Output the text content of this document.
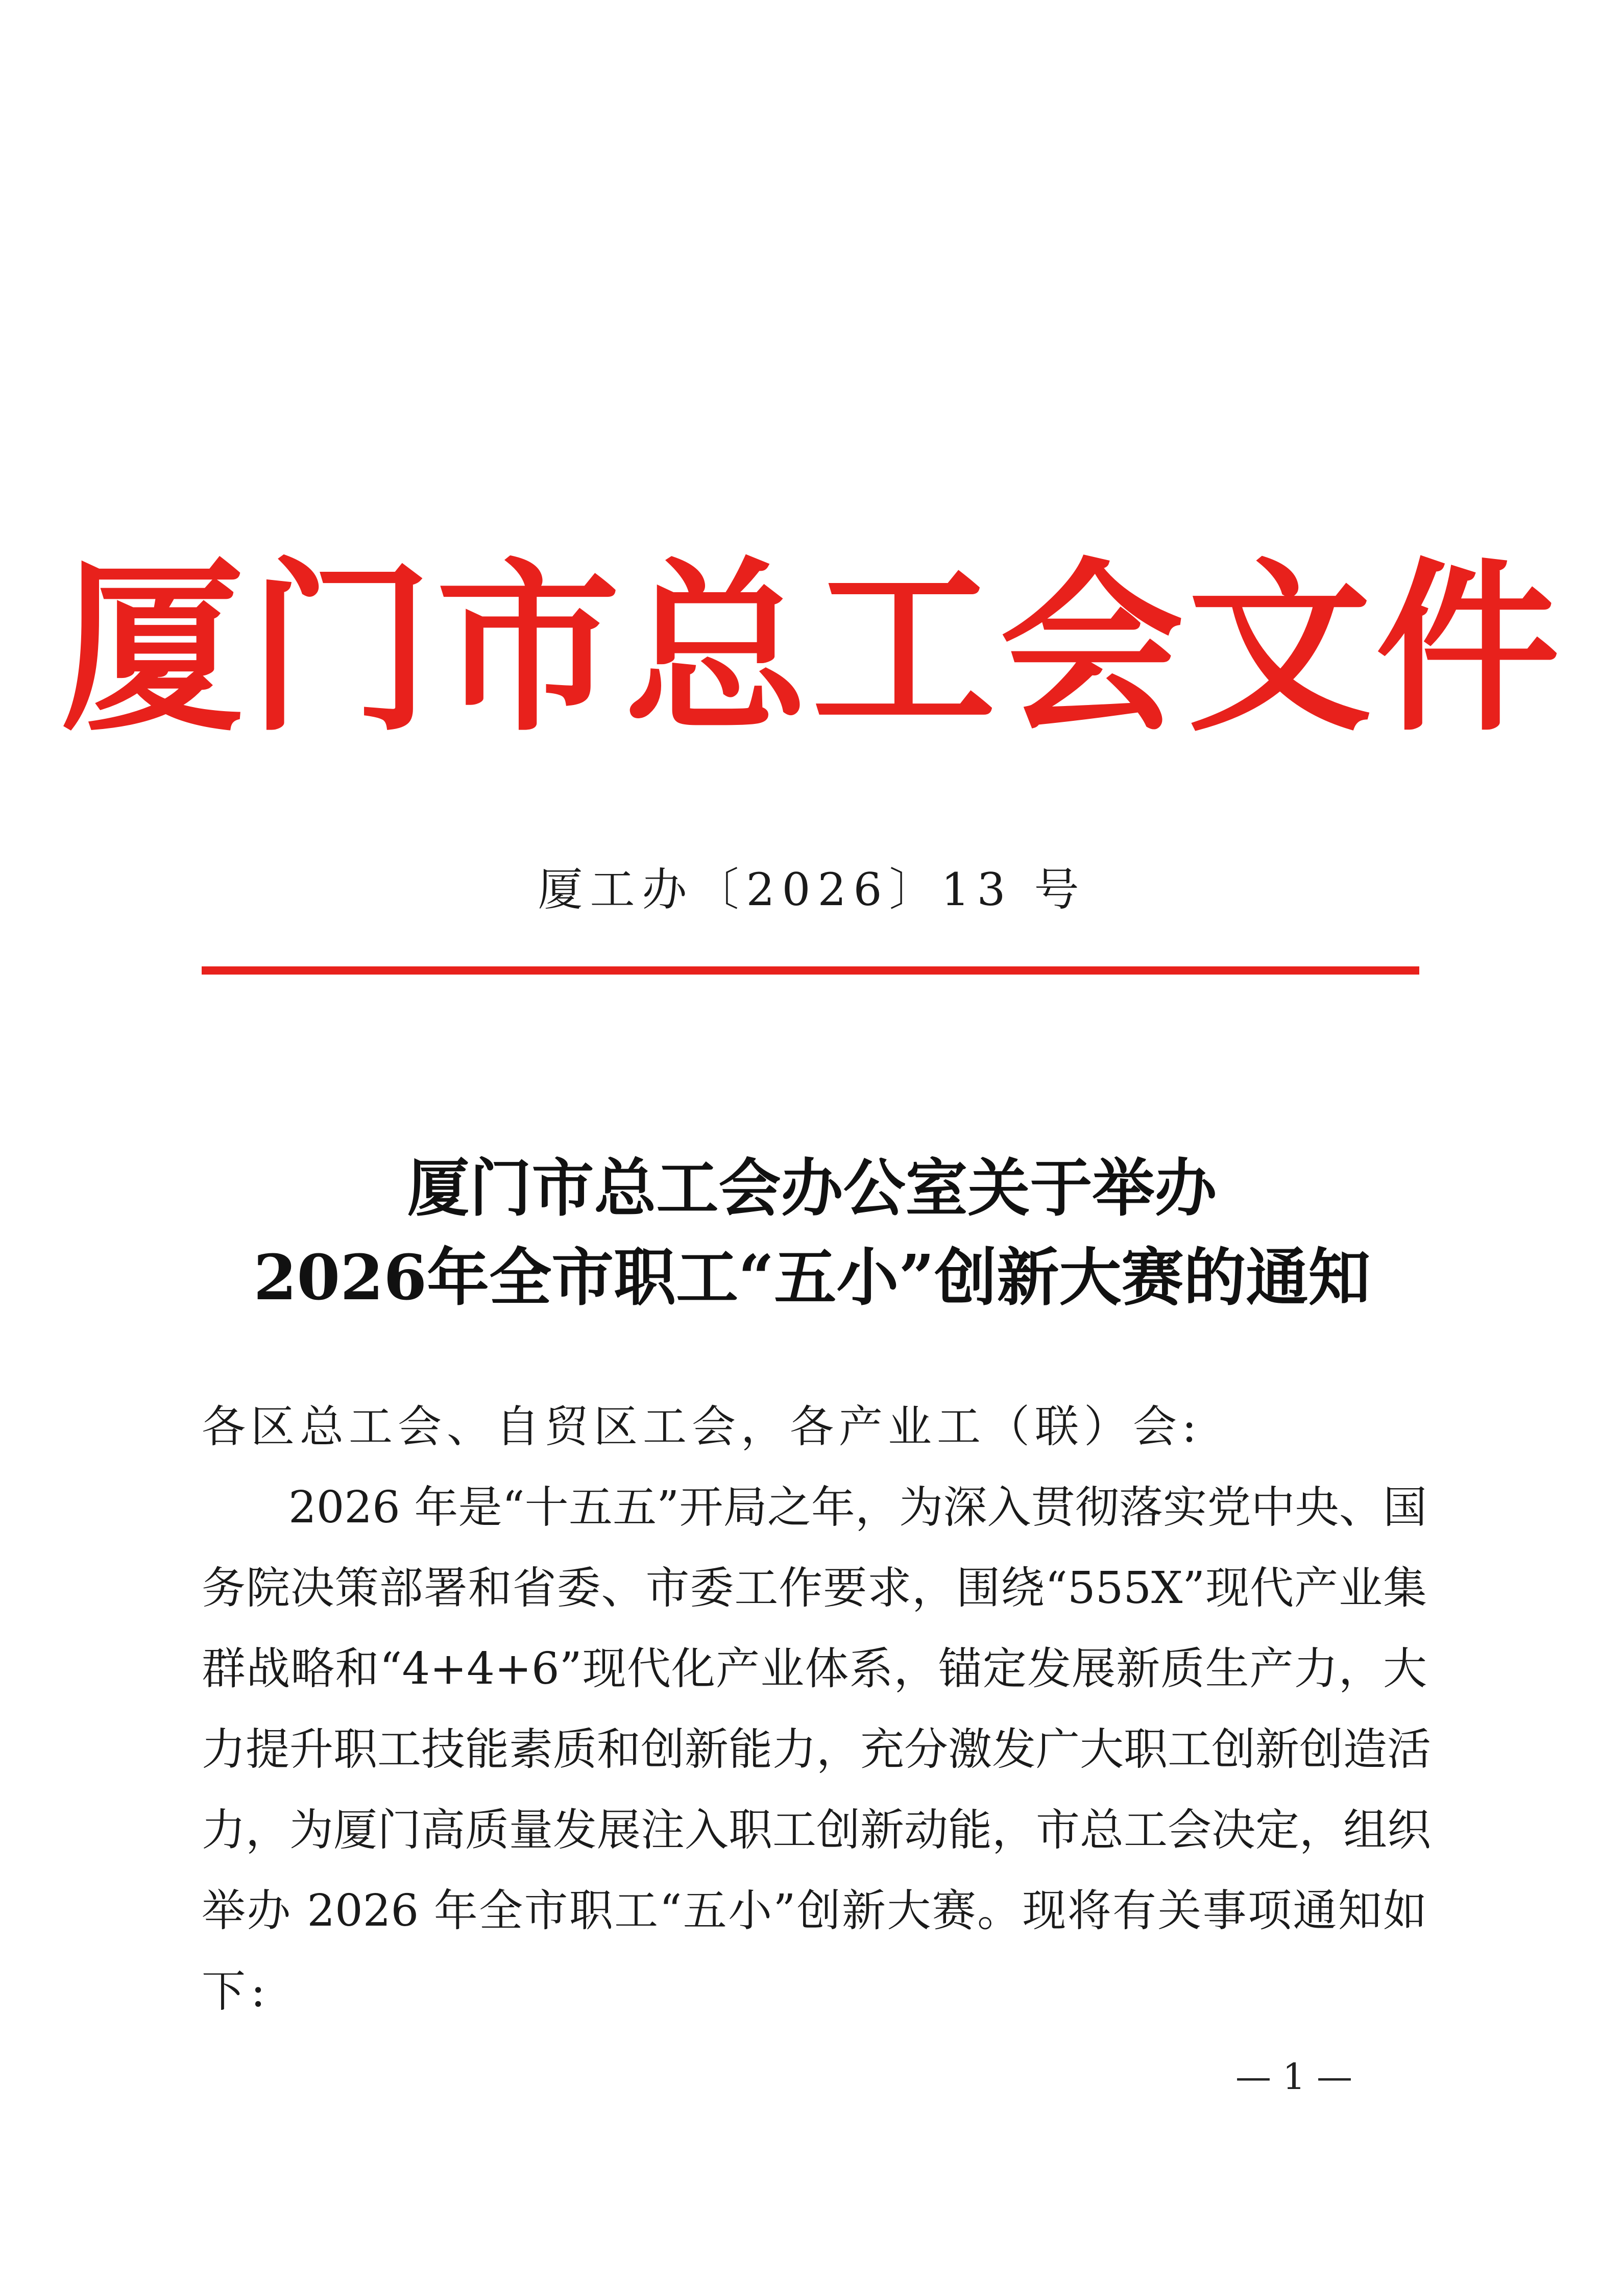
厦门市总工会文件
厦工办〔2026〕13 号
厦门市总工会办公室关于举办
2026年全市职工“五小”创新大赛的通知
各区总工会、自贸区工会，各产业工（联）会:
2026 年是“十五五”开局之年，为深入贯彻落实党中央、国
务院决策部署和省委、市委工作要求，围绕“555X”现代产业集
群战略和“4+4+6”现代化产业体系，锚定发展新质生产力，大
力提升职工技能素质和创新能力，充分激发广大职工创新创造活
力，为厦门高质量发展注入职工创新动能，市总工会决定，组织
举办 2026 年全市职工“五小”创新大赛。现将有关事项通知如
下:
— 1 —
